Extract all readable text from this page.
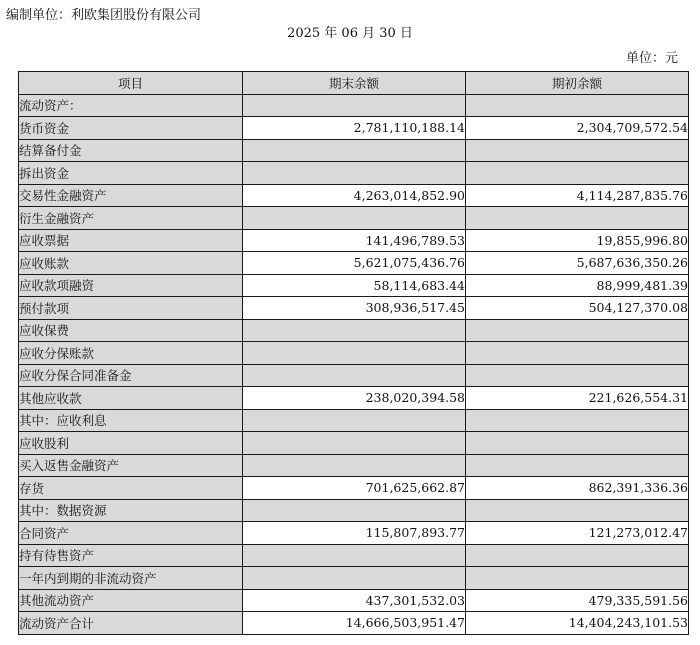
编制单位：利欧集团股份有限公司
2025 年 06 月 30 日
单位：元
项目	期末余额	期初余额
流动资产：		
货币资金	2,781,110,188.14	2,304,709,572.54
结算备付金		
拆出资金		
交易性金融资产	4,263,014,852.90	4,114,287,835.76
衍生金融资产		
应收票据	141,496,789.53	19,855,996.80
应收账款	5,621,075,436.76	5,687,636,350.26
应收款项融资	58,114,683.44	88,999,481.39
预付款项	308,936,517.45	504,127,370.08
应收保费		
应收分保账款		
应收分保合同准备金		
其他应收款	238,020,394.58	221,626,554.31
其中：应收利息		
应收股利		
买入返售金融资产		
存货	701,625,662.87	862,391,336.36
其中：数据资源		
合同资产	115,807,893.77	121,273,012.47
持有待售资产		
一年内到期的非流动资产		
其他流动资产	437,301,532.03	479,335,591.56
流动资产合计	14,666,503,951.47	14,404,243,101.53
